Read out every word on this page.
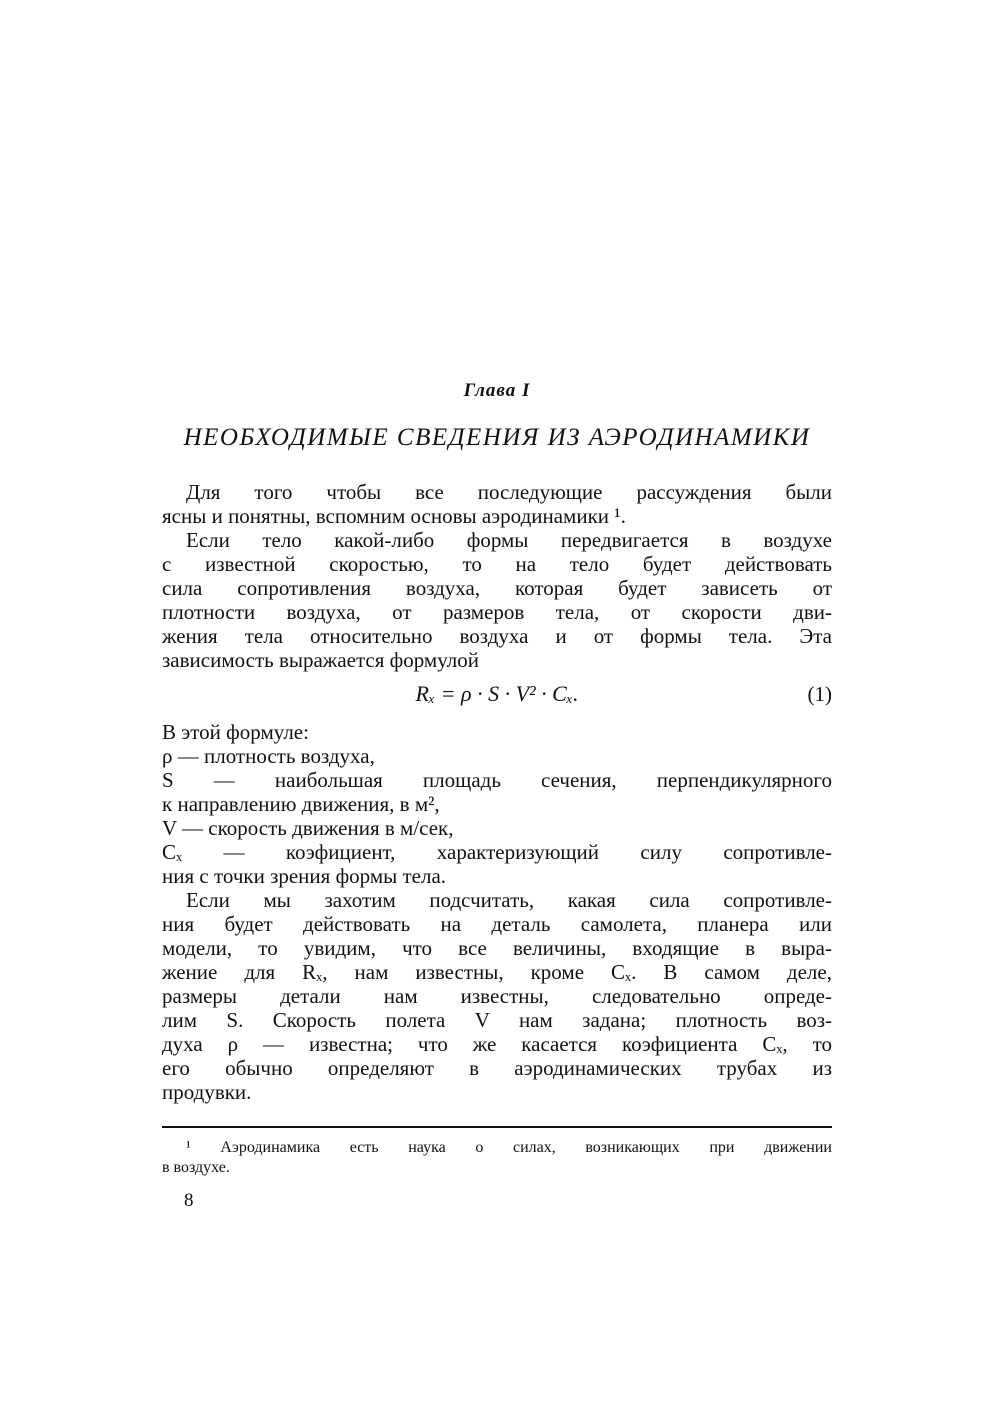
Глава I
НЕОБХОДИМЫЕ СВЕДЕНИЯ ИЗ АЭРОДИНАМИКИ
Для того чтобы все последующие рассуждения были
ясны и понятны, вспомним основы аэродинамики ¹.
Если тело какой-либо формы передвигается в воздухе
с известной скоростью, то на тело будет действовать
сила сопротивления воздуха, которая будет зависеть от
плотности воздуха, от размеров тела, от скорости дви-
жения тела относительно воздуха и от формы тела. Эта
зависимость выражается формулой
Rₓ = ρ · S · V² · Cₓ.	(1)
В этой формуле:
ρ — плотность воздуха,
S — наибольшая площадь сечения, перпендикулярного
к направлению движения, в м²,
V — скорость движения в м/сек,
Cₓ — коэфициент, характеризующий силу сопротивле-
ния с точки зрения формы тела.
Если мы захотим подсчитать, какая сила сопротивле-
ния будет действовать на деталь самолета, планера или
модели, то увидим, что все величины, входящие в выра-
жение для Rₓ, нам известны, кроме Cₓ. В самом деле,
размеры детали нам известны, следовательно опреде-
лим S. Скорость полета V нам задана; плотность воз-
духа ρ — известна; что же касается коэфициента Cₓ, то
его обычно определяют в аэродинамических трубах из
продувки.
¹ Аэродинамика есть наука о силах, возникающих при движении
в воздухе.
8
